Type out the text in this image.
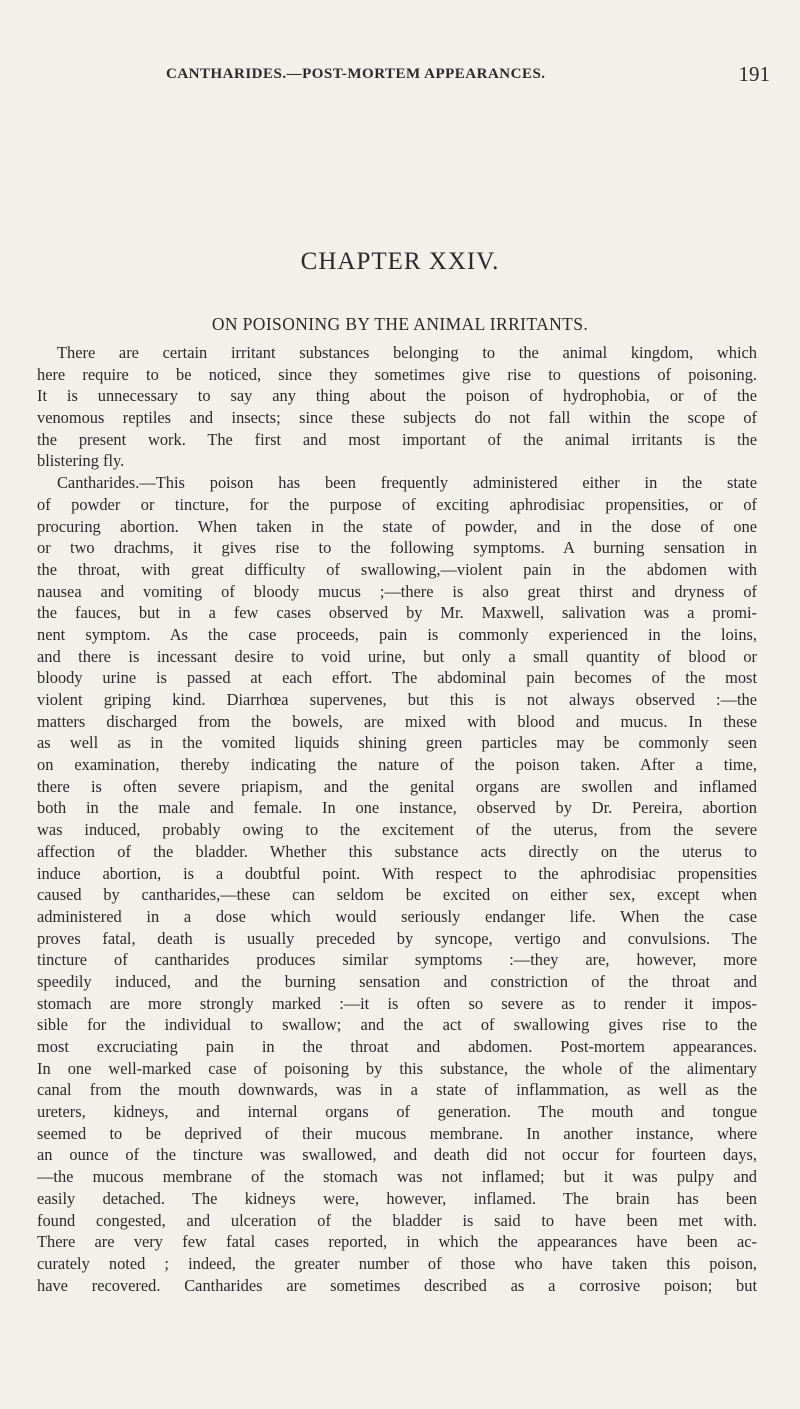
CANTHARIDES.—POST-MORTEM APPEARANCES.	191
CHAPTER XXIV.
ON POISONING BY THE ANIMAL IRRITANTS.
There are certain irritant substances belonging to the animal kingdom, which
here require to be noticed, since they sometimes give rise to questions of poisoning.
It is unnecessary to say any thing about the poison of hydrophobia, or of the
venomous reptiles and insects; since these subjects do not fall within the scope of
the present work. The first and most important of the animal irritants is the
blistering fly.
Cantharides.—This poison has been frequently administered either in the state
of powder or tincture, for the purpose of exciting aphrodisiac propensities, or of
procuring abortion. When taken in the state of powder, and in the dose of one
or two drachms, it gives rise to the following symptoms. A burning sensation in
the throat, with great difficulty of swallowing,—violent pain in the abdomen with
nausea and vomiting of bloody mucus ;—there is also great thirst and dryness of
the fauces, but in a few cases observed by Mr. Maxwell, salivation was a promi-
nent symptom. As the case proceeds, pain is commonly experienced in the loins,
and there is incessant desire to void urine, but only a small quantity of blood or
bloody urine is passed at each effort. The abdominal pain becomes of the most
violent griping kind. Diarrhœa supervenes, but this is not always observed :—the
matters discharged from the bowels, are mixed with blood and mucus. In these
as well as in the vomited liquids shining green particles may be commonly seen
on examination, thereby indicating the nature of the poison taken. After a time,
there is often severe priapism, and the genital organs are swollen and inflamed
both in the male and female. In one instance, observed by Dr. Pereira, abortion
was induced, probably owing to the excitement of the uterus, from the severe
affection of the bladder. Whether this substance acts directly on the uterus to
induce abortion, is a doubtful point. With respect to the aphrodisiac propensities
caused by cantharides,—these can seldom be excited on either sex, except when
administered in a dose which would seriously endanger life. When the case
proves fatal, death is usually preceded by syncope, vertigo and convulsions. The
tincture of cantharides produces similar symptoms :—they are, however, more
speedily induced, and the burning sensation and constriction of the throat and
stomach are more strongly marked :—it is often so severe as to render it impos-
sible for the individual to swallow; and the act of swallowing gives rise to the
most excruciating pain in the throat and abdomen. Post-mortem appearances.
In one well-marked case of poisoning by this substance, the whole of the alimentary
canal from the mouth downwards, was in a state of inflammation, as well as the
ureters, kidneys, and internal organs of generation. The mouth and tongue
seemed to be deprived of their mucous membrane. In another instance, where
an ounce of the tincture was swallowed, and death did not occur for fourteen days,
—the mucous membrane of the stomach was not inflamed; but it was pulpy and
easily detached. The kidneys were, however, inflamed. The brain has been
found congested, and ulceration of the bladder is said to have been met with.
There are very few fatal cases reported, in which the appearances have been ac-
curately noted ; indeed, the greater number of those who have taken this poison,
have recovered. Cantharides are sometimes described as a corrosive poison; but
